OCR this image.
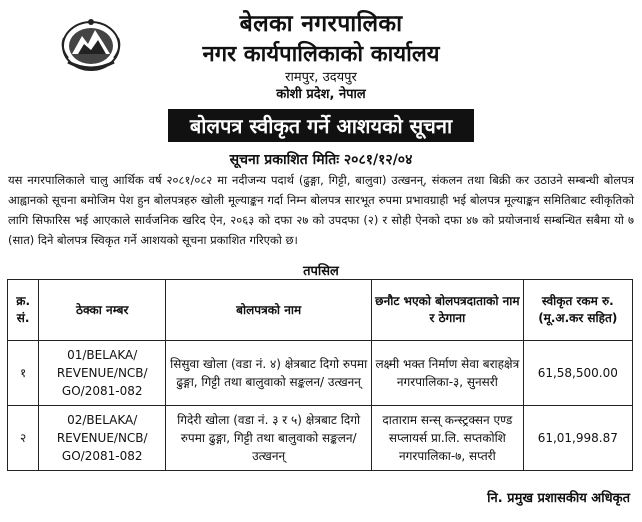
बेलका नगरपालिका
नगर कार्यपालिकाको कार्यालय
रामपुर, उदयपुर
कोशी प्रदेश, नेपाल
बोलपत्र स्वीकृत गर्ने आशयको सूचना
सूचना प्रकाशित मितिः २०८१/१२/०४
यस नगरपालिकाले चालु आर्थिक वर्ष २०८१/०८२ मा नदीजन्य पदार्थ (ढुङ्गा, गिट्टी, बालुवा) उत्खनन्, संकलन तथा बिक्री कर उठाउने सम्बन्धी बोलपत्र आह्वानको सूचना बमोजिम पेश हुन बोलपत्रहरु खोली मूल्याङ्कन गर्दा निम्न बोलपत्र सारभूत रुपमा प्रभावग्राही भई बोलपत्र मूल्याङ्कन समितिबाट स्वीकृतिको लागि सिफारिस भई आएकाले सार्वजनिक खरिद ऐन, २०६३ को दफा २७ को उपदफा (२) र सोही ऐनको दफा ४७ को प्रयोजनार्थ सम्बन्धित सबैमा यो ७ (सात) दिने बोलपत्र स्विकृत गर्ने आशयको सूचना प्रकाशित गरिएको छ।
तपसिल
क्र. सं.	ठेक्का नम्बर	बोलपत्रको नाम	छनौट भएको बोलपत्रदाताको नाम र ठेगाना	स्वीकृत रकम रु. (मू.अ.कर सहित)
१	01/BELAKA/ REVENUE/NCB/ GO/2081-082	सिसुवा खोला (वडा नं. ४) क्षेत्रबाट दिगो रुपमा ढुङ्गा, गिट्टी तथा बालुवाको सङ्कलन/ उत्खनन्	लक्ष्मी भक्त निर्माण सेवा बराहक्षेत्र नगरपालिका-३, सुनसरी	61,58,500.00
२	02/BELAKA/ REVENUE/NCB/ GO/2081-082	गिदेरी खोला (वडा नं. ३ र ५) क्षेत्रबाट दिगो रुपमा ढुङ्गा, गिट्टी तथा बालुवाको सङ्कलन/ उत्खनन्	दाताराम सन्स् कन्स्ट्रक्सन एण्ड सप्लायर्स प्रा.लि. सप्तकोशि नगरपालिका-७, सप्तरी	61,01,998.87
नि. प्रमुख प्रशासकीय अधिकृत
